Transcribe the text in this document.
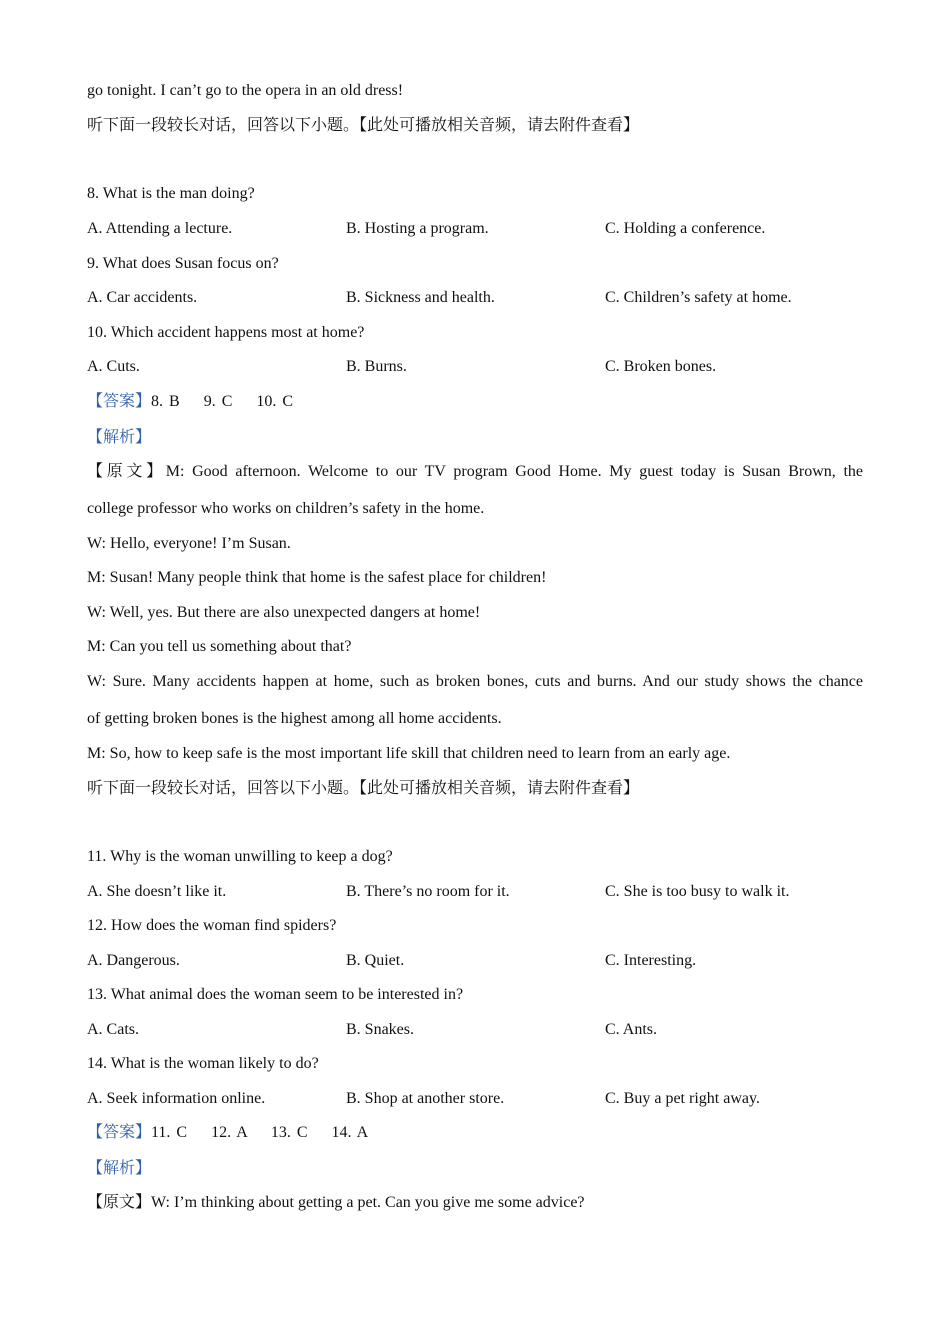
go tonight. I can’t go to the opera in an old dress!
听下面一段较长对话，回答以下小题。【此处可播放相关音频，请去附件查看】
8. What is the man doing?
A. Attending a lecture.	B. Hosting a program.	C. Holding a conference.
9. What does Susan focus on?
A. Car accidents.	B. Sickness and health.	C. Children’s safety at home.
10. Which accident happens most at home?
A. Cuts.	B. Burns.	C. Broken bones.
【答案】8. B    9. C    10. C
【解析】
【原文】M: Good afternoon. Welcome to our TV program Good Home. My guest today is Susan Brown, the
college professor who works on children’s safety in the home.
W: Hello, everyone! I’m Susan.
M: Susan! Many people think that home is the safest place for children!
W: Well, yes. But there are also unexpected dangers at home!
M: Can you tell us something about that?
W: Sure. Many accidents happen at home, such as broken bones, cuts and burns. And our study shows the chance
of getting broken bones is the highest among all home accidents.
M: So, how to keep safe is the most important life skill that children need to learn from an early age.
听下面一段较长对话，回答以下小题。【此处可播放相关音频，请去附件查看】
11. Why is the woman unwilling to keep a dog?
A. She doesn’t like it.	B. There’s no room for it.	C. She is too busy to walk it.
12. How does the woman find spiders?
A. Dangerous.	B. Quiet.	C. Interesting.
13. What animal does the woman seem to be interested in?
A. Cats.	B. Snakes.	C. Ants.
14. What is the woman likely to do?
A. Seek information online.	B. Shop at another store.	C. Buy a pet right away.
【答案】11. C    12. A    13. C    14. A
【解析】
【原文】W: I’m thinking about getting a pet. Can you give me some advice?
